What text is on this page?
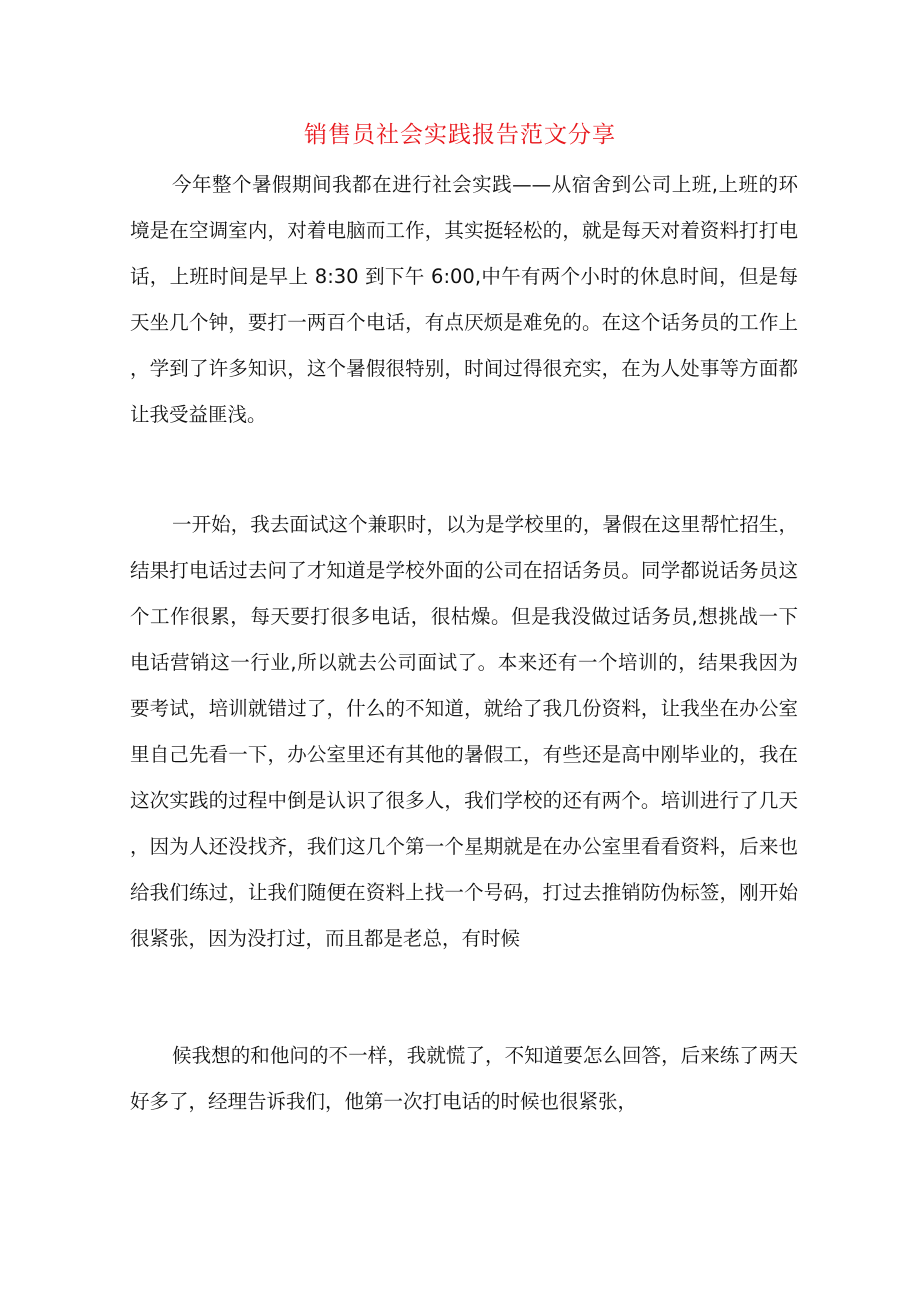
销售员社会实践报告范文分享

今年整个暑假期间我都在进行社会实践——从宿舍到公司上班,上班的环境是在空调室内，对着电脑而工作，其实挺轻松的，就是每天对着资料打打电话，上班时间是早上 8:30 到下午 6:00,中午有两个小时的休息时间，但是每天坐几个钟，要打一两百个电话，有点厌烦是难免的。在这个话务员的工作上，学到了许多知识，这个暑假很特别，时间过得很充实，在为人处事等方面都让我受益匪浅。

一开始，我去面试这个兼职时，以为是学校里的，暑假在这里帮忙招生，结果打电话过去问了才知道是学校外面的公司在招话务员。同学都说话务员这个工作很累，每天要打很多电话，很枯燥。但是我没做过话务员,想挑战一下电话营销这一行业,所以就去公司面试了。本来还有一个培训的，结果我因为要考试，培训就错过了，什么的不知道，就给了我几份资料，让我坐在办公室里自己先看一下，办公室里还有其他的暑假工，有些还是高中刚毕业的，我在这次实践的过程中倒是认识了很多人，我们学校的还有两个。培训进行了几天，因为人还没找齐，我们这几个第一个星期就是在办公室里看看资料，后来也给我们练过，让我们随便在资料上找一个号码，打过去推销防伪标签，刚开始很紧张，因为没打过，而且都是老总，有时候

候我想的和他问的不一样，我就慌了，不知道要怎么回答，后来练了两天好多了，经理告诉我们，他第一次打电话的时候也很紧张，
